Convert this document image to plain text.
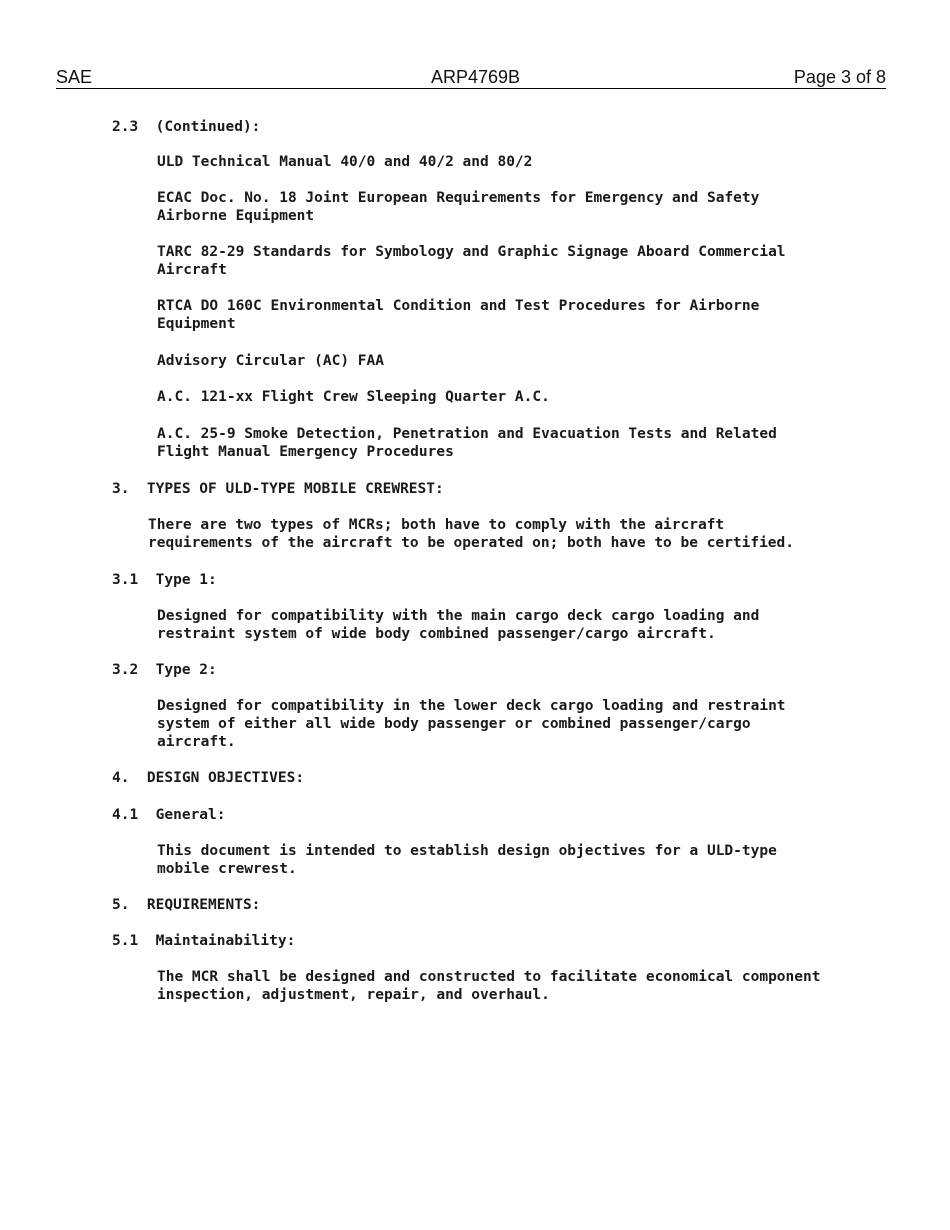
SAE	ARP4769B	Page 3 of 8
2.3  (Continued):
ULD Technical Manual 40/0 and 40/2 and 80/2
ECAC Doc. No. 18 Joint European Requirements for Emergency and Safety
Airborne Equipment
TARC 82-29 Standards for Symbology and Graphic Signage Aboard Commercial
Aircraft
RTCA DO 160C Environmental Condition and Test Procedures for Airborne
Equipment
Advisory Circular (AC) FAA
A.C. 121-xx Flight Crew Sleeping Quarter A.C.
A.C. 25-9 Smoke Detection, Penetration and Evacuation Tests and Related
Flight Manual Emergency Procedures
3.  TYPES OF ULD-TYPE MOBILE CREWREST:
There are two types of MCRs; both have to comply with the aircraft
requirements of the aircraft to be operated on; both have to be certified.
3.1  Type 1:
Designed for compatibility with the main cargo deck cargo loading and
restraint system of wide body combined passenger/cargo aircraft.
3.2  Type 2:
Designed for compatibility in the lower deck cargo loading and restraint
system of either all wide body passenger or combined passenger/cargo
aircraft.
4.  DESIGN OBJECTIVES:
4.1  General:
This document is intended to establish design objectives for a ULD-type
mobile crewrest.
5.  REQUIREMENTS:
5.1  Maintainability:
The MCR shall be designed and constructed to facilitate economical component
inspection, adjustment, repair, and overhaul.
